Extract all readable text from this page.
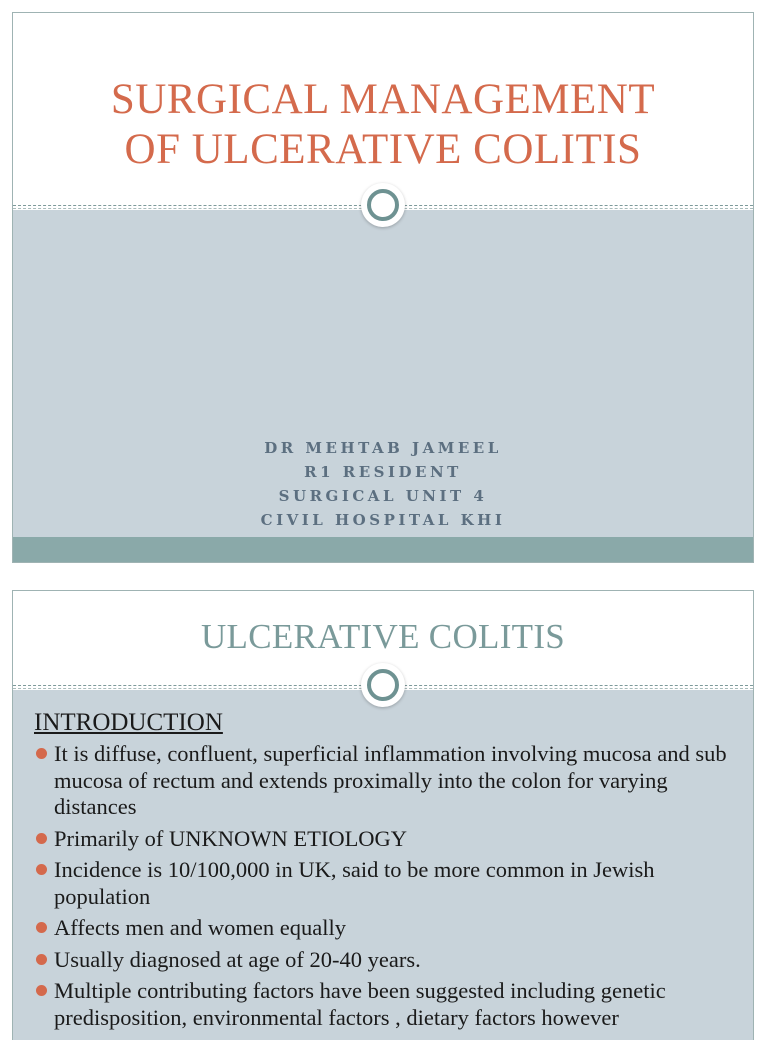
SURGICAL MANAGEMENT
OF ULCERATIVE COLITIS
DR MEHTAB JAMEEL
R1 RESIDENT
SURGICAL UNIT 4
CIVIL HOSPITAL KHI
ULCERATIVE COLITIS
INTRODUCTION
It is diffuse, confluent, superficial inflammation involving mucosa and sub mucosa of rectum and extends proximally into the colon for varying distances
Primarily of UNKNOWN ETIOLOGY
Incidence is 10/100,000 in UK, said to be more common in Jewish population
Affects men and women equally
Usually diagnosed at age of 20-40 years.
Multiple contributing factors have been suggested including genetic predisposition, environmental factors , dietary factors however
